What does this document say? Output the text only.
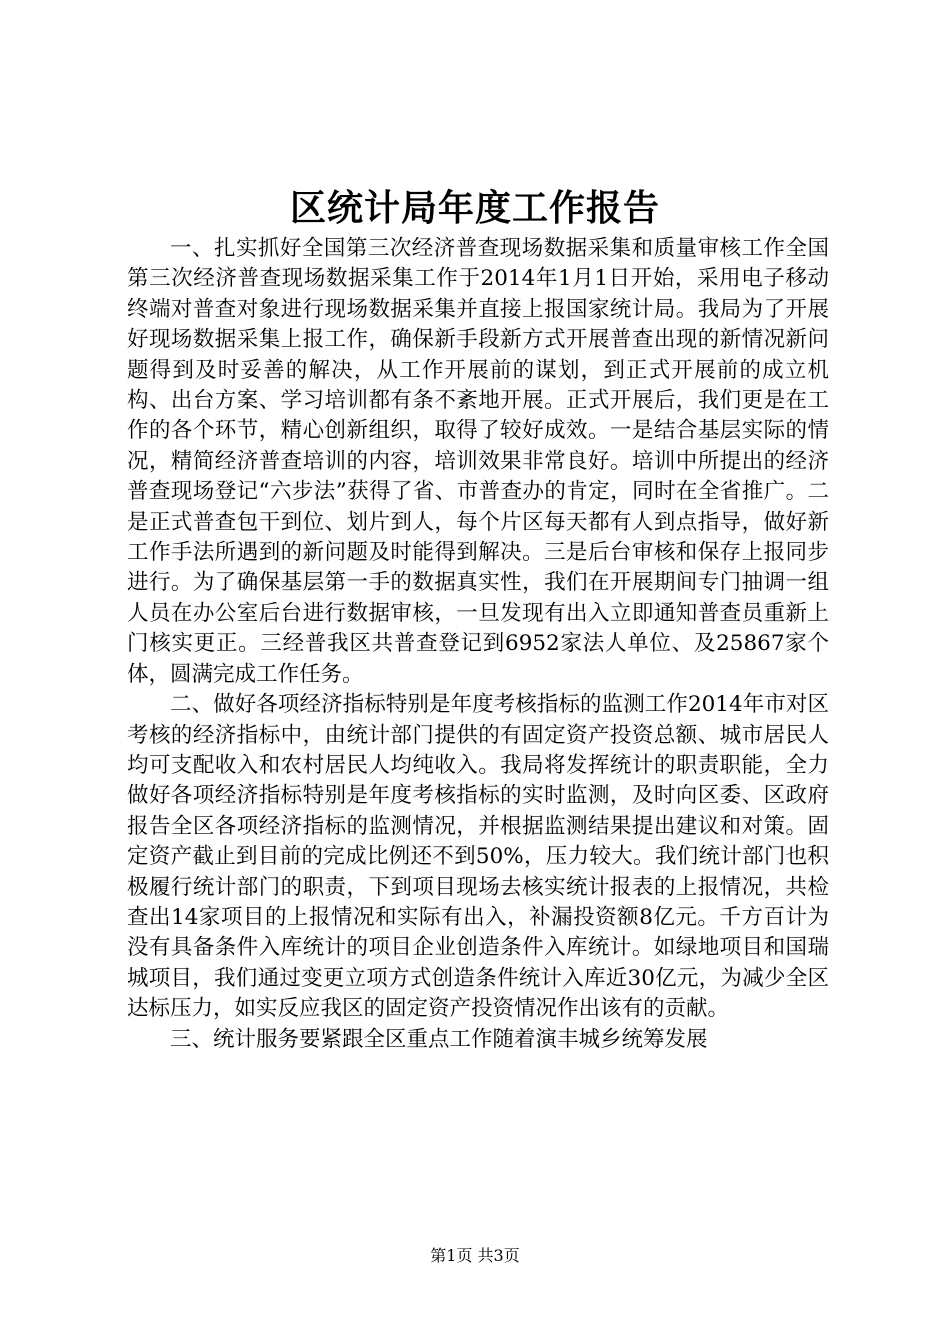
区统计局年度工作报告

一、扎实抓好全国第三次经济普查现场数据采集和质量审核工作全国第三次经济普查现场数据采集工作于2014年1月1日开始，采用电子移动终端对普查对象进行现场数据采集并直接上报国家统计局。我局为了开展好现场数据采集上报工作，确保新手段新方式开展普查出现的新情况新问题得到及时妥善的解决，从工作开展前的谋划，到正式开展前的成立机构、出台方案、学习培训都有条不紊地开展。正式开展后，我们更是在工作的各个环节，精心创新组织，取得了较好成效。一是结合基层实际的情况，精简经济普查培训的内容，培训效果非常良好。培训中所提出的经济普查现场登记“六步法”获得了省、市普查办的肯定，同时在全省推广。二是正式普查包干到位、划片到人，每个片区每天都有人到点指导，做好新工作手法所遇到的新问题及时能得到解决。三是后台审核和保存上报同步进行。为了确保基层第一手的数据真实性，我们在开展期间专门抽调一组人员在办公室后台进行数据审核，一旦发现有出入立即通知普查员重新上门核实更正。三经普我区共普查登记到6952家法人单位、及25867家个体，圆满完成工作任务。

二、做好各项经济指标特别是年度考核指标的监测工作2014年市对区考核的经济指标中，由统计部门提供的有固定资产投资总额、城市居民人均可支配收入和农村居民人均纯收入。我局将发挥统计的职责职能，全力做好各项经济指标特别是年度考核指标的实时监测，及时向区委、区政府报告全区各项经济指标的监测情况，并根据监测结果提出建议和对策。固定资产截止到目前的完成比例还不到50%，压力较大。我们统计部门也积极履行统计部门的职责，下到项目现场去核实统计报表的上报情况，共检查出14家项目的上报情况和实际有出入，补漏投资额8亿元。千方百计为没有具备条件入库统计的项目企业创造条件入库统计。如绿地项目和国瑞城项目，我们通过变更立项方式创造条件统计入库近30亿元，为减少全区达标压力，如实反应我区的固定资产投资情况作出该有的贡献。

三、统计服务要紧跟全区重点工作随着演丰城乡统筹发展

第1页 共3页
